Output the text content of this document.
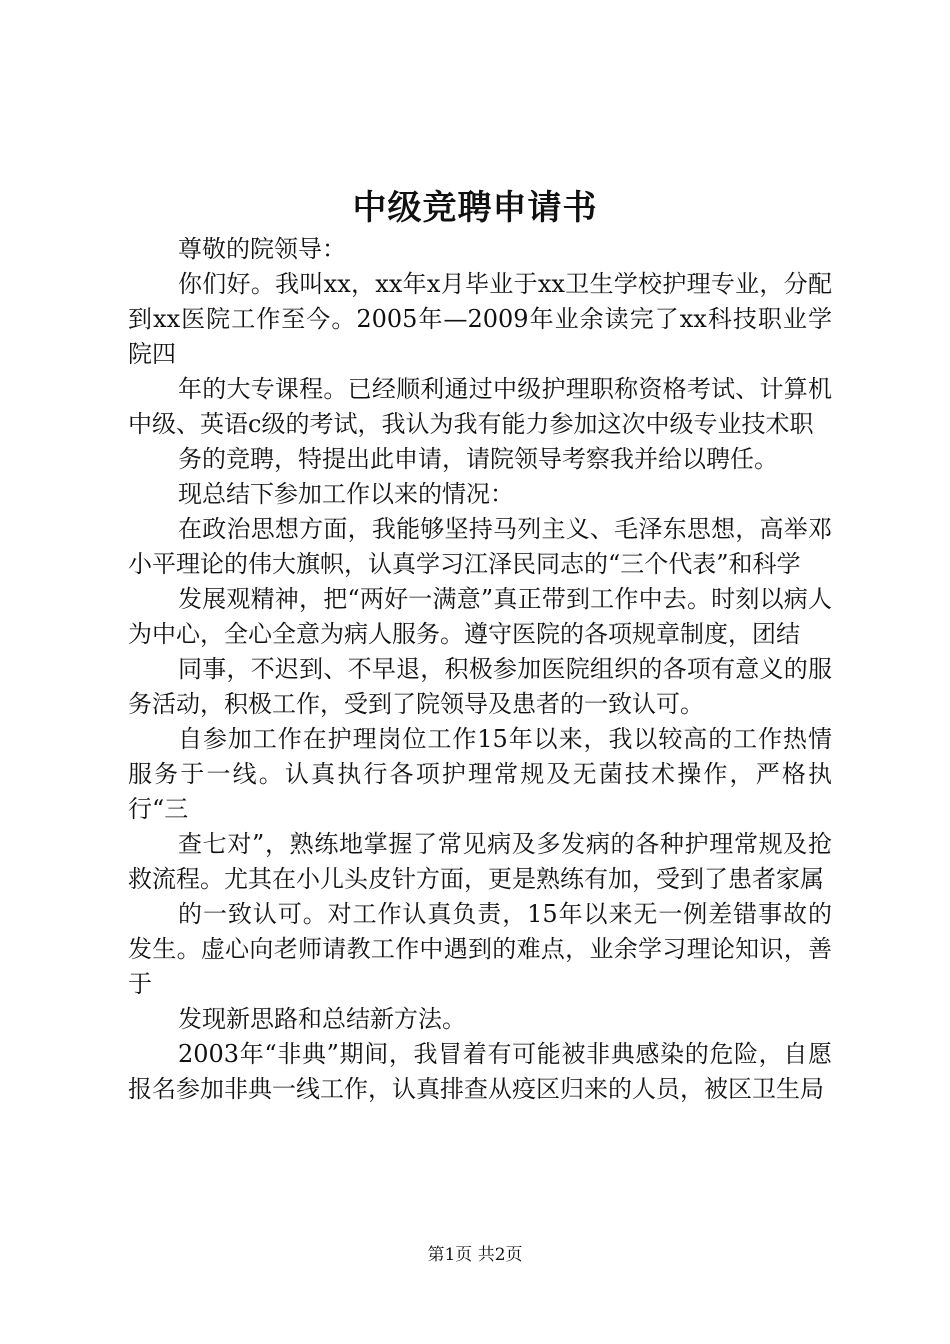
中级竞聘申请书

尊敬的院领导：

你们好。我叫xx，xx年x月毕业于xx卫生学校护理专业，分配到xx医院工作至今。2005年—2009年业余读完了xx科技职业学院四

年的大专课程。已经顺利通过中级护理职称资格考试、计算机中级、英语c级的考试，我认为我有能力参加这次中级专业技术职

务的竞聘，特提出此申请，请院领导考察我并给以聘任。

现总结下参加工作以来的情况：

在政治思想方面，我能够坚持马列主义、毛泽东思想，高举邓小平理论的伟大旗帜，认真学习江泽民同志的“三个代表”和科学

发展观精神，把“两好一满意”真正带到工作中去。时刻以病人为中心，全心全意为病人服务。遵守医院的各项规章制度，团结

同事，不迟到、不早退，积极参加医院组织的各项有意义的服务活动，积极工作，受到了院领导及患者的一致认可。

自参加工作在护理岗位工作15年以来，我以较高的工作热情服务于一线。认真执行各项护理常规及无菌技术操作，严格执行“三

查七对”，熟练地掌握了常见病及多发病的各种护理常规及抢救流程。尤其在小儿头皮针方面，更是熟练有加，受到了患者家属

的一致认可。对工作认真负责，15年以来无一例差错事故的发生。虚心向老师请教工作中遇到的难点，业余学习理论知识，善于

发现新思路和总结新方法。

2003年“非典”期间，我冒着有可能被非典感染的危险，自愿报名参加非典一线工作，认真排查从疫区归来的人员，被区卫生局

第1页 共2页
